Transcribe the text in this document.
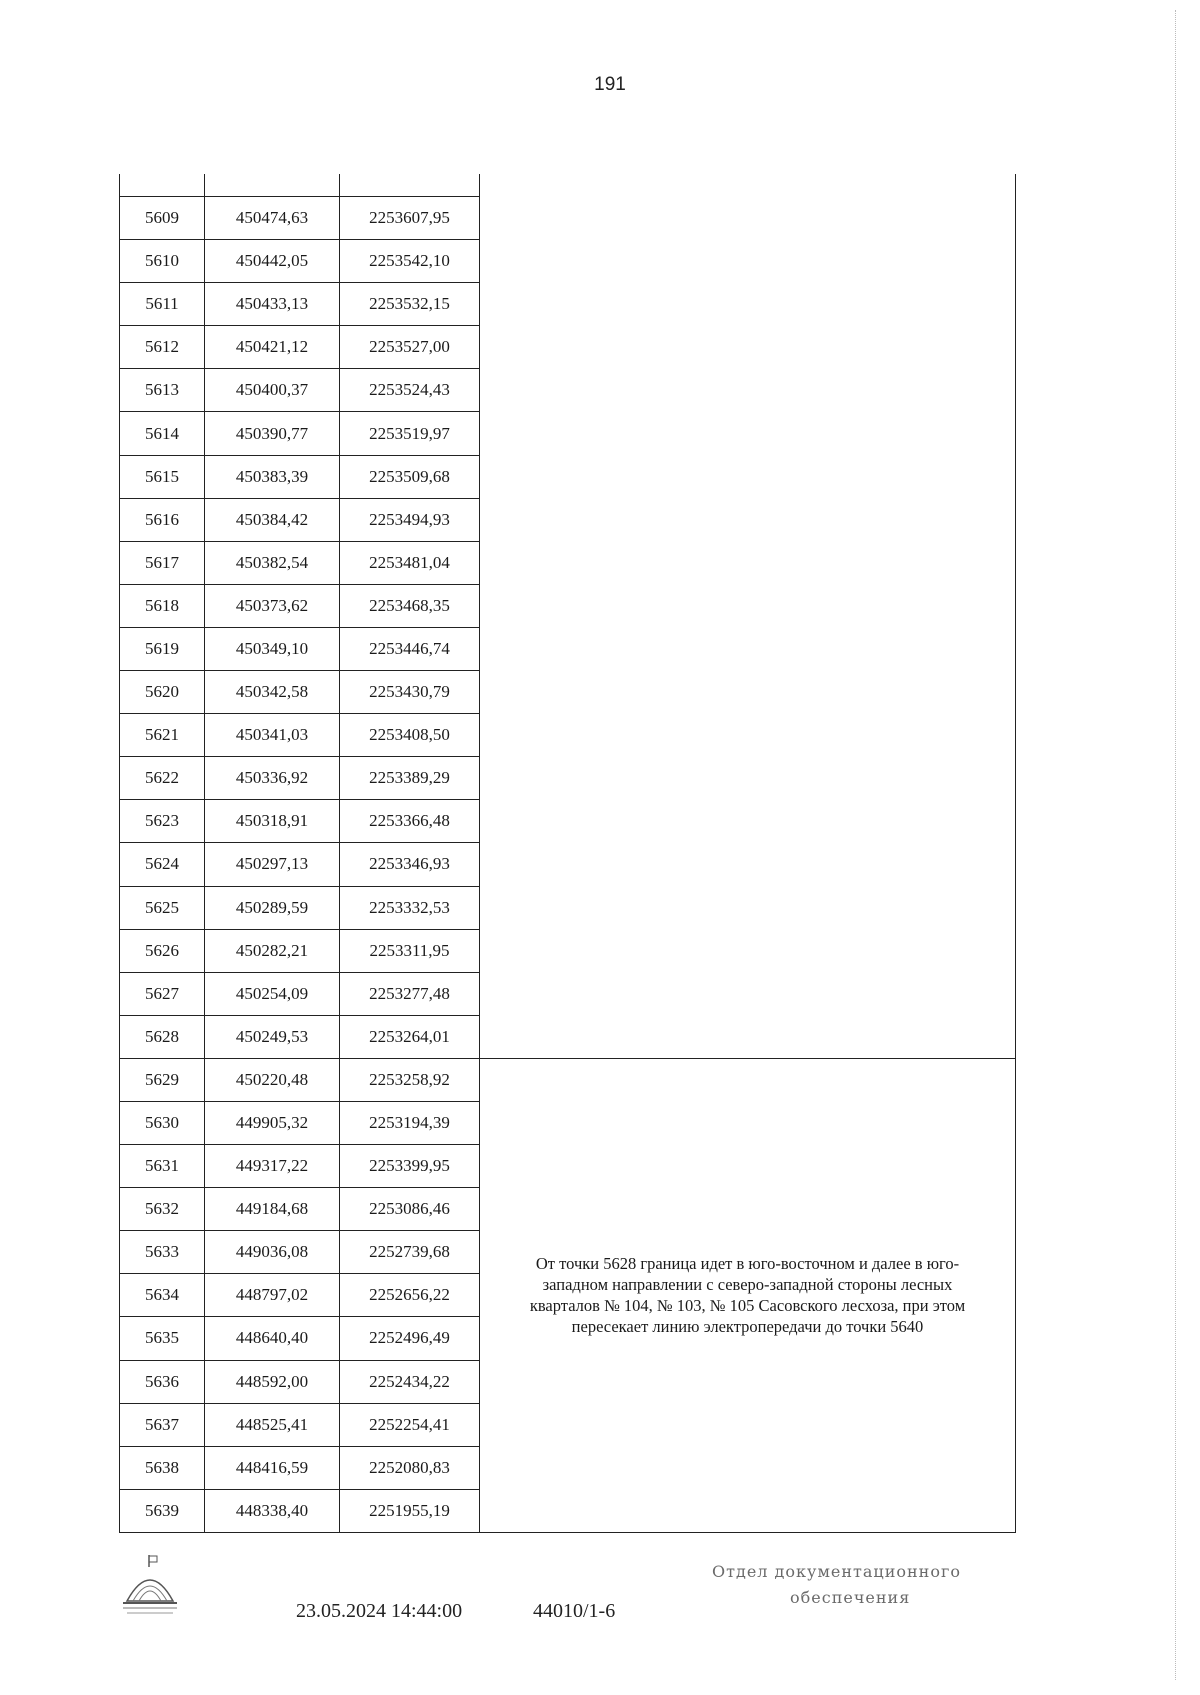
191

5609	450474,63	2253607,95	
5610	450442,05	2253542,10	
5611	450433,13	2253532,15	
5612	450421,12	2253527,00	
5613	450400,37	2253524,43	
5614	450390,77	2253519,97	
5615	450383,39	2253509,68	
5616	450384,42	2253494,93	
5617	450382,54	2253481,04	
5618	450373,62	2253468,35	
5619	450349,10	2253446,74	
5620	450342,58	2253430,79	
5621	450341,03	2253408,50	
5622	450336,92	2253389,29	
5623	450318,91	2253366,48	
5624	450297,13	2253346,93	
5625	450289,59	2253332,53	
5626	450282,21	2253311,95	
5627	450254,09	2253277,48	
5628	450249,53	2253264,01	
5629	450220,48	2253258,92	От точки 5628 граница идет в юго-восточном и далее в юго-западном направлении с северо-западной стороны лесных кварталов № 104, № 103, № 105 Сасовского лесхоза, при этом пересекает линию электропередачи до точки 5640
5630	449905,32	2253194,39	
5631	449317,22	2253399,95	
5632	449184,68	2253086,46	
5633	449036,08	2252739,68	
5634	448797,02	2252656,22	
5635	448640,40	2252496,49	
5636	448592,00	2252434,22	
5637	448525,41	2252254,41	
5638	448416,59	2252080,83	
5639	448338,40	2251955,19	
23.05.2024 14:44:00	44010/1-6
Отдел документационного
обеспечения
